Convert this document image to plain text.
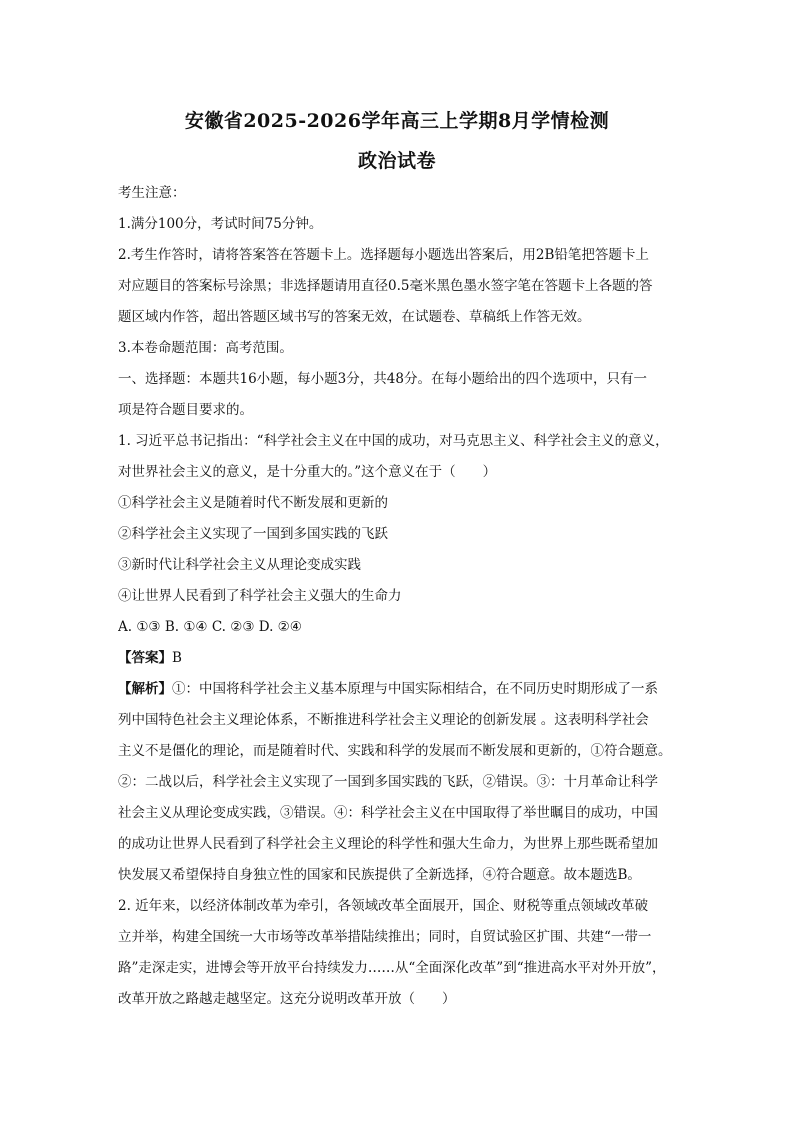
安徽省2025-2026学年高三上学期8月学情检测
政治试卷
考生注意：
1.满分100分，考试时间75分钟。
2.考生作答时，请将答案答在答题卡上。选择题每小题选出答案后，用2B铅笔把答题卡上
对应题目的答案标号涂黑；非选择题请用直径0.5毫米黑色墨水签字笔在答题卡上各题的答
题区域内作答，超出答题区域书写的答案无效，在试题卷、草稿纸上作答无效。
3.本卷命题范围：高考范围。
一、选择题：本题共16小题，每小题3分，共48分。在每小题给出的四个选项中，只有一
项是符合题目要求的。
1. 习近平总书记指出：“科学社会主义在中国的成功，对马克思主义、科学社会主义的意义，
对世界社会主义的意义，是十分重大的。”这个意义在于（　　）
①科学社会主义是随着时代不断发展和更新的
②科学社会主义实现了一国到多国实践的飞跃
③新时代让科学社会主义从理论变成实践
④让世界人民看到了科学社会主义强大的生命力
A. ①③ B. ①④ C. ②③ D. ②④
【答案】B
【解析】①：中国将科学社会主义基本原理与中国实际相结合，在不同历史时期形成了一系
列中国特色社会主义理论体系，不断推进科学社会主义理论的创新发展 。这表明科学社会
主义不是僵化的理论，而是随着时代、实践和科学的发展而不断发展和更新的，①符合题意。
②：二战以后，科学社会主义实现了一国到多国实践的飞跃，②错误。③：十月革命让科学
社会主义从理论变成实践，③错误。④：科学社会主义在中国取得了举世瞩目的成功，中国
的成功让世界人民看到了科学社会主义理论的科学性和强大生命力，为世界上那些既希望加
快发展又希望保持自身独立性的国家和民族提供了全新选择，④符合题意。故本题选B。
2. 近年来，以经济体制改革为牵引，各领域改革全面展开，国企、财税等重点领域改革破
立并举，构建全国统一大市场等改革举措陆续推出；同时，自贸试验区扩围、共建“一带一
路”走深走实，进博会等开放平台持续发力……从“全面深化改革”到“推进高水平对外开放”，
改革开放之路越走越坚定。这充分说明改革开放（　　）
